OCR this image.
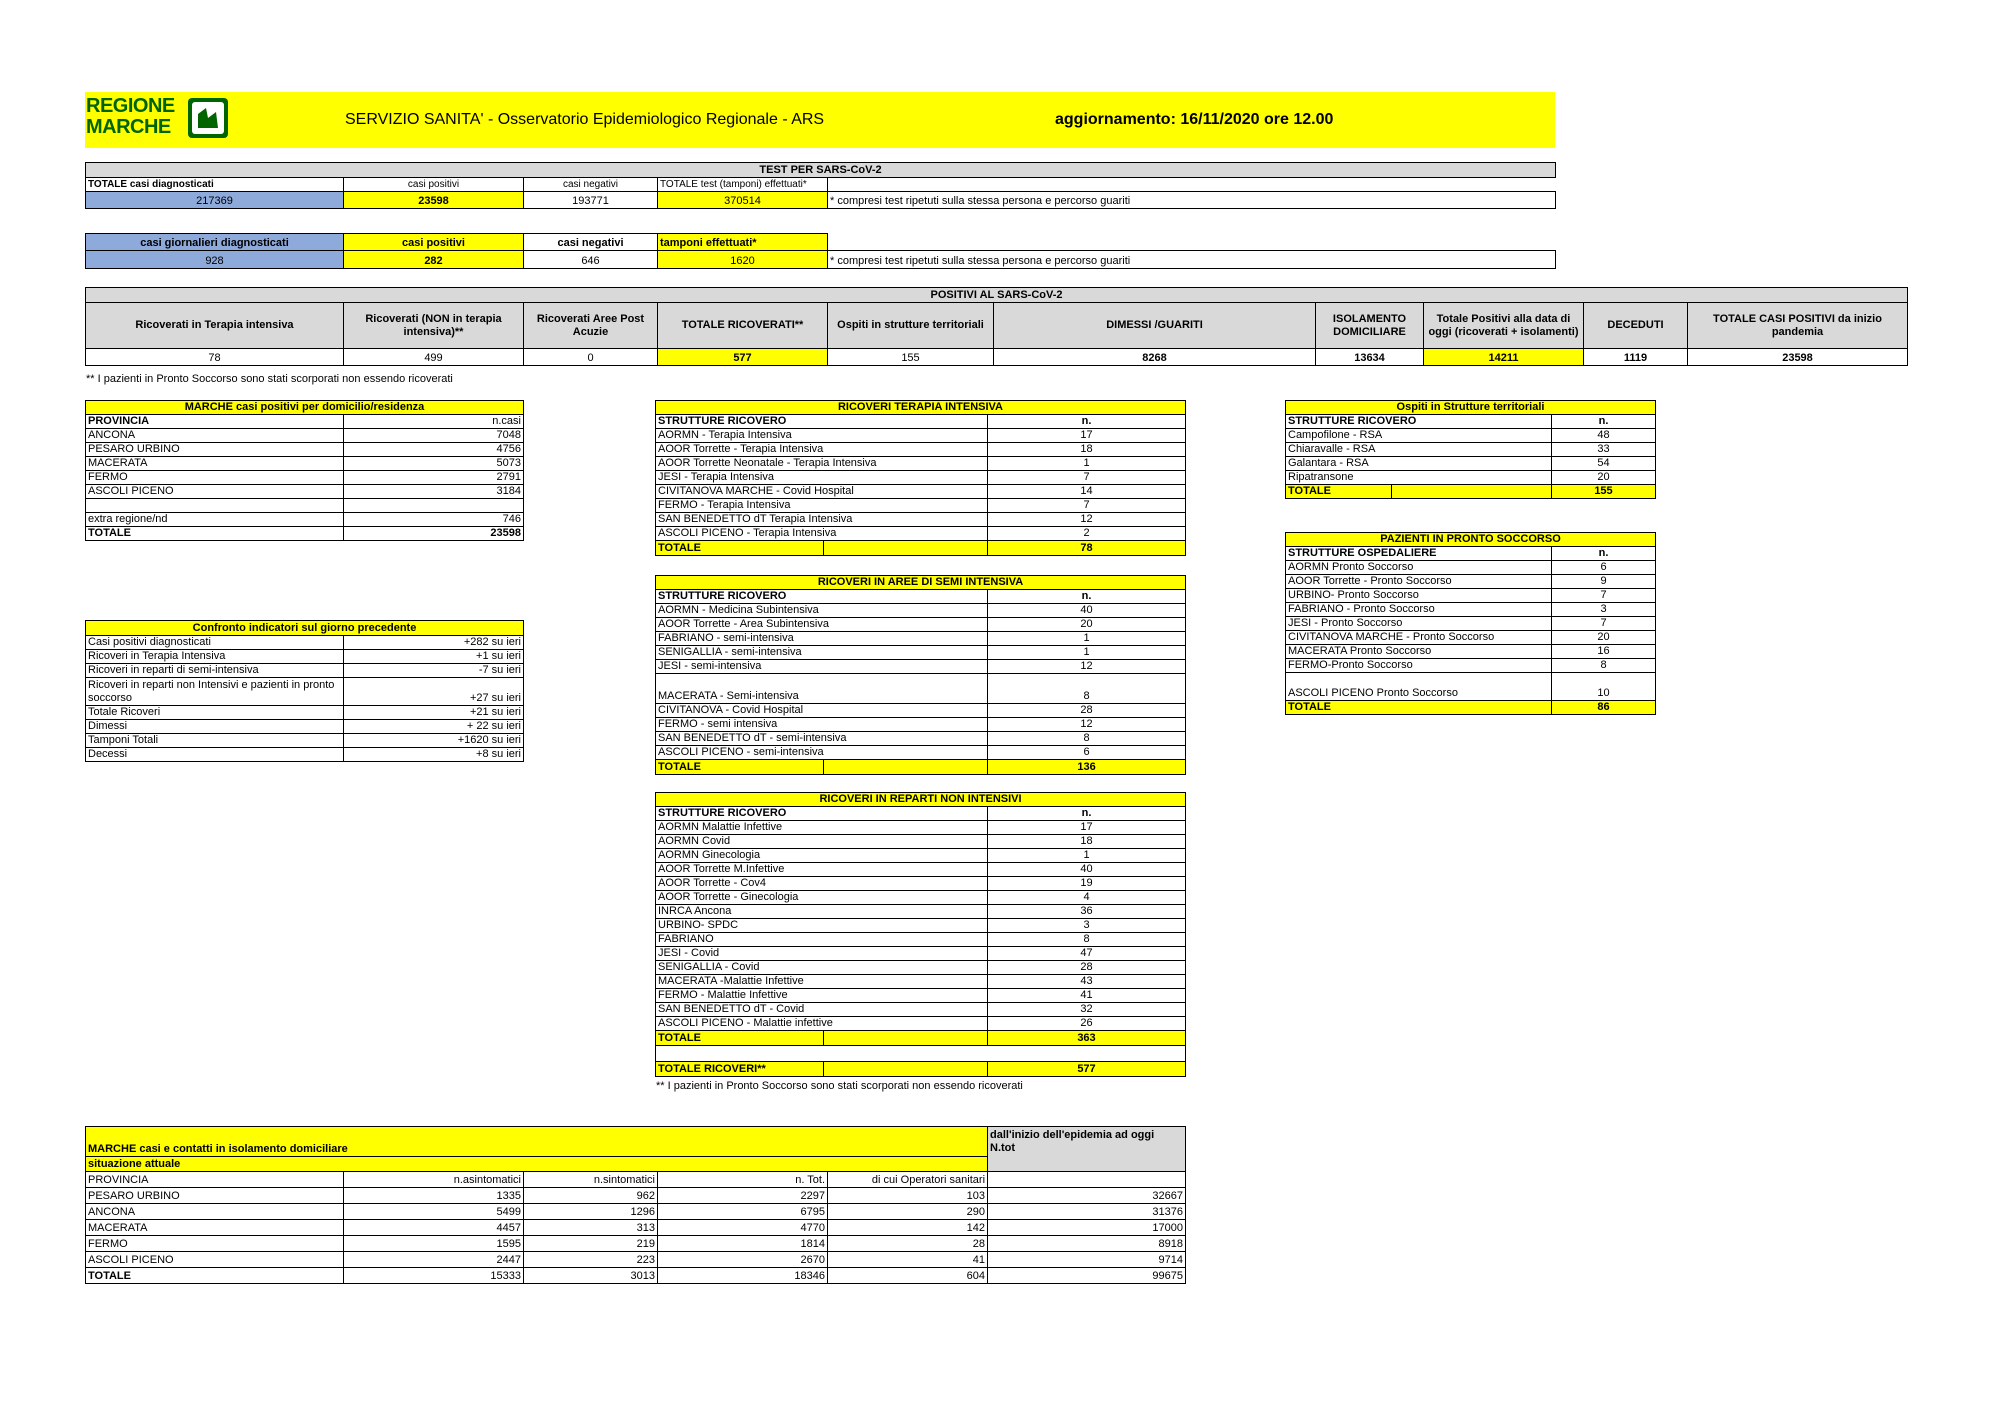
REGIONE
MARCHE	SERVIZIO SANITA' - Osservatorio Epidemiologico Regionale - ARS	aggiornamento: 16/11/2020 ore 12.00
TEST PER SARS-CoV-2				
TOTALE casi diagnosticati	casi positivi	casi negativi	TOTALE test (tamponi) effettuati*	
217369	23598	193771	370514	* compresi test ripetuti sulla stessa persona e percorso guariti
casi giornalieri diagnosticati	casi positivi	casi negativi	tamponi effettuati*	
928	282	646	1620	* compresi test ripetuti sulla stessa persona e percorso guariti
POSITIVI AL SARS-CoV-2									
Ricoverati in Terapia intensiva	Ricoverati (NON in terapia intensiva)**	Ricoverati Aree Post Acuzie	TOTALE RICOVERATI**	Ospiti in strutture territoriali	DIMESSI /GUARITI	ISOLAMENTO DOMICILIARE	Totale Positivi alla data di oggi (ricoverati + isolamenti)	DECEDUTI	TOTALE CASI POSITIVI da inizio pandemia
78	499	0	577	155	8268	13634	14211	1119	23598
** I pazienti in Pronto Soccorso sono stati scorporati non essendo ricoverati
MARCHE casi positivi per domicilio/residenza	
PROVINCIA	n.casi
ANCONA	7048
PESARO URBINO	4756
MACERATA	5073
FERMO	2791
ASCOLI PICENO	3184

extra regione/nd	746
TOTALE	23598
Confronto indicatori sul giorno precedente	
Casi positivi diagnosticati	+282 su ieri
Ricoveri in Terapia Intensiva	+1 su ieri
Ricoveri in reparti di semi-intensiva	-7 su ieri
Ricoveri in reparti non Intensivi e pazienti in pronto soccorso	+27 su ieri
Totale Ricoveri	+21 su ieri
Dimessi	+ 22 su ieri
Tamponi Totali	+1620 su ieri
Decessi	+8 su ieri
RICOVERI TERAPIA INTENSIVA		
STRUTTURE RICOVERO		n.
AORMN - Terapia Intensiva		17
AOOR Torrette - Terapia Intensiva		18
AOOR Torrette Neonatale - Terapia Intensiva		1
JESI - Terapia Intensiva		7
CIVITANOVA MARCHE - Covid Hospital		14
FERMO - Terapia Intensiva		7
SAN BENEDETTO dT Terapia Intensiva		12
ASCOLI PICENO - Terapia Intensiva		2
TOTALE		78
RICOVERI IN AREE DI SEMI INTENSIVA		
STRUTTURE RICOVERO		n.
AORMN - Medicina Subintensiva		40
AOOR Torrette - Area Subintensiva		20
FABRIANO - semi-intensiva		1
SENIGALLIA - semi-intensiva		1
JESI - semi-intensiva		12
MACERATA - Semi-intensiva		8
CIVITANOVA - Covid Hospital		28
FERMO - semi intensiva		12
SAN BENEDETTO dT - semi-intensiva		8
ASCOLI PICENO - semi-intensiva		6
TOTALE		136
RICOVERI IN REPARTI NON INTENSIVI		
STRUTTURE RICOVERO		n.
AORMN Malattie Infettive		17
AORMN Covid		18
AORMN Ginecologia		1
AOOR Torrette M.Infettive		40
AOOR Torrette - Cov4		19
AOOR Torrette - Ginecologia		4
INRCA Ancona		36
URBINO- SPDC		3
FABRIANO		8
JESI - Covid		47
SENIGALLIA - Covid		28
MACERATA -Malattie Infettive		43
FERMO - Malattie Infettive		41
SAN BENEDETTO dT - Covid		32
ASCOLI PICENO - Malattie infettive		26
TOTALE		363

TOTALE RICOVERI**		577
** I pazienti in Pronto Soccorso sono stati scorporati non essendo ricoverati
Ospiti in Strutture territoriali		
STRUTTURE RICOVERO		n.
Campofilone - RSA		48
Chiaravalle - RSA		33
Galantara - RSA		54
Ripatransone		20
TOTALE		155
PAZIENTI IN PRONTO SOCCORSO	
STRUTTURE OSPEDALIERE	n.
AORMN Pronto Soccorso	6
AOOR Torrette - Pronto Soccorso	9
URBINO- Pronto Soccorso	7
FABRIANO - Pronto Soccorso	3
JESI - Pronto Soccorso	7
CIVITANOVA MARCHE - Pronto Soccorso	20
MACERATA Pronto Soccorso	16
FERMO-Pronto Soccorso	8
ASCOLI PICENO Pronto Soccorso	10
TOTALE	86
MARCHE casi e contatti in isolamento domiciliare					dall'inizio dell'epidemia ad oggi
N.tot

situazione attuale					
PROVINCIA	n.asintomatici	n.sintomatici	n. Tot.	di cui Operatori sanitari	
PESARO URBINO	1335	962	2297	103	32667
ANCONA	5499	1296	6795	290	31376
MACERATA	4457	313	4770	142	17000
FERMO	1595	219	1814	28	8918
ASCOLI PICENO	2447	223	2670	41	9714
TOTALE	15333	3013	18346	604	99675
